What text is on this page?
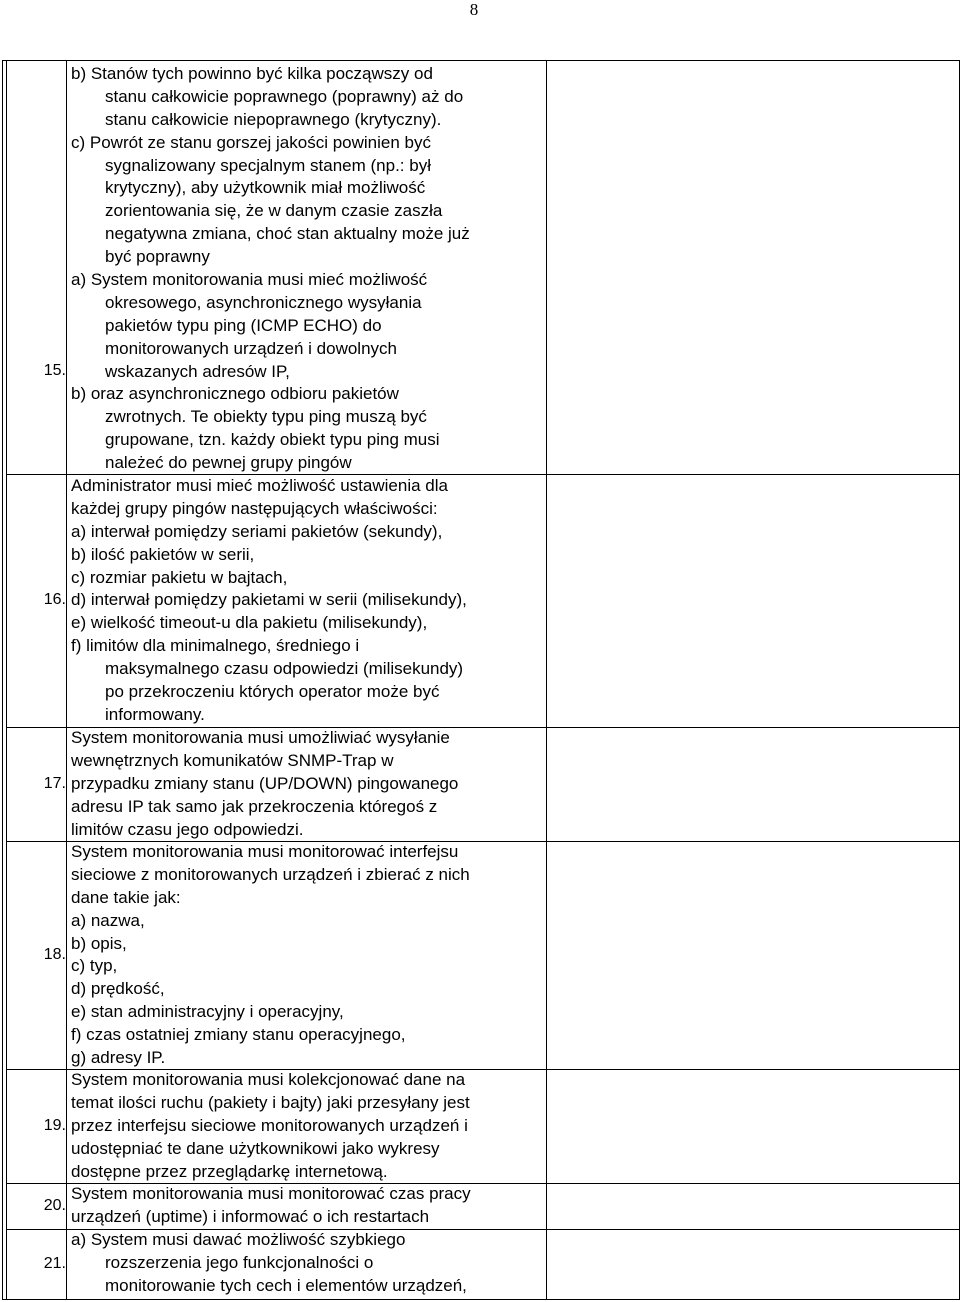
8
15.
b) Stanów tych powinno być kilka począwszy od
stanu całkowicie poprawnego (poprawny) aż do
stanu całkowicie niepoprawnego (krytyczny).
c) Powrót ze stanu gorszej jakości powinien być
sygnalizowany specjalnym stanem (np.: był
krytyczny), aby użytkownik miał możliwość
zorientowania się, że w danym czasie zaszła
negatywna zmiana, choć stan aktualny może już
być poprawny
a) System monitorowania musi mieć możliwość
okresowego, asynchronicznego wysyłania
pakietów typu ping (ICMP ECHO) do
monitorowanych urządzeń i dowolnych
wskazanych adresów IP,
b) oraz asynchronicznego odbioru pakietów
zwrotnych. Te obiekty typu ping muszą być
grupowane, tzn. każdy obiekt typu ping musi
należeć do pewnej grupy pingów
16.
Administrator musi mieć możliwość ustawienia dla
każdej grupy pingów następujących właściwości:
a) interwał pomiędzy seriami pakietów (sekundy),
b) ilość pakietów w serii,
c) rozmiar pakietu w bajtach,
d) interwał pomiędzy pakietami w serii (milisekundy),
e) wielkość timeout-u dla pakietu (milisekundy),
f) limitów dla minimalnego, średniego i
maksymalnego czasu odpowiedzi (milisekundy)
po przekroczeniu których operator może być
informowany.
17.
System monitorowania musi umożliwiać wysyłanie
wewnętrznych komunikatów SNMP-Trap w
przypadku zmiany stanu (UP/DOWN) pingowanego
adresu IP tak samo jak przekroczenia któregoś z
limitów czasu jego odpowiedzi.
18.
System monitorowania musi monitorować interfejsu
sieciowe z monitorowanych urządzeń i zbierać z nich
dane takie jak:
a) nazwa,
b) opis,
c) typ,
d) prędkość,
e) stan administracyjny i operacyjny,
f) czas ostatniej zmiany stanu operacyjnego,
g) adresy IP.
19.
System monitorowania musi kolekcjonować dane na
temat ilości ruchu (pakiety i bajty) jaki przesyłany jest
przez interfejsu sieciowe monitorowanych urządzeń i
udostępniać te dane użytkownikowi jako wykresy
dostępne przez przeglądarkę internetową.
20.
System monitorowania musi monitorować czas pracy
urządzeń (uptime) i informować o ich restartach
21.
a) System musi dawać możliwość szybkiego
rozszerzenia jego funkcjonalności o
monitorowanie tych cech i elementów urządzeń,
